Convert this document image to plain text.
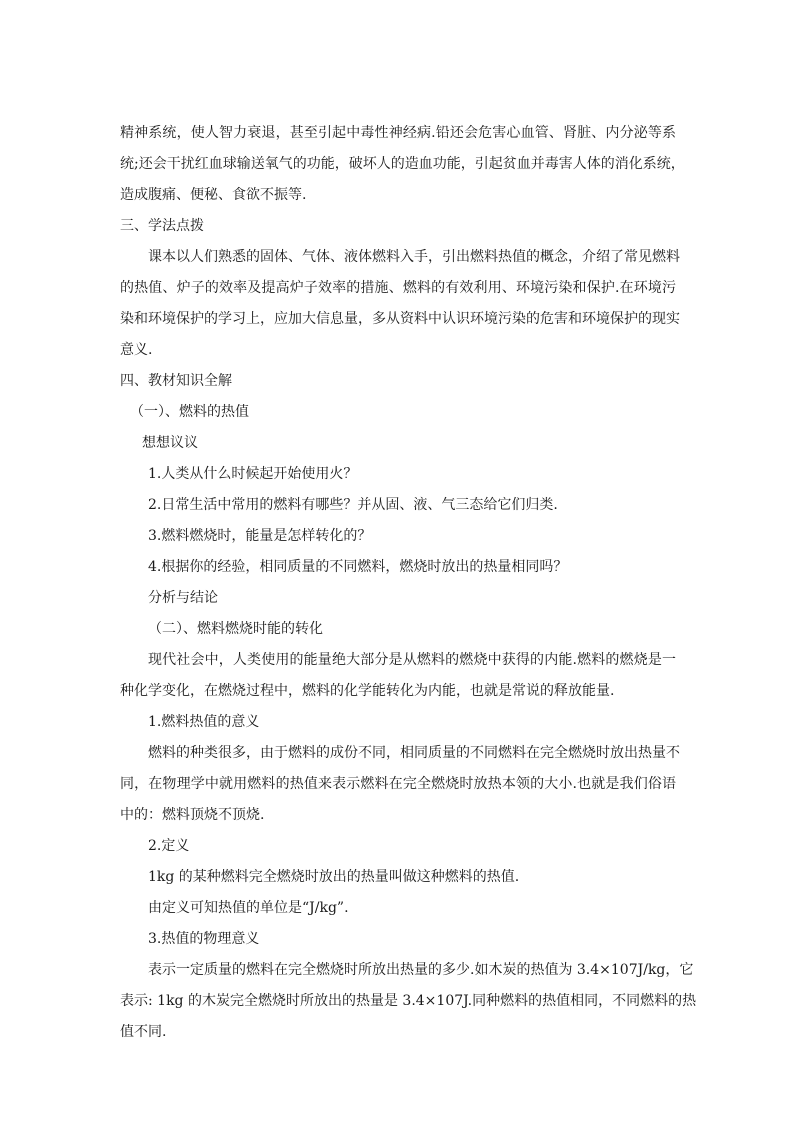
精神系统，使人智力衰退，甚至引起中毒性神经病.铅还会危害心血管、肾脏、内分泌等系
统;还会干扰红血球输送氧气的功能，破坏人的造血功能，引起贫血并毒害人体的消化系统，
造成腹痛、便秘、食欲不振等.
三、学法点拨
课本以人们熟悉的固体、气体、液体燃料入手，引出燃料热值的概念，介绍了常见燃料
的热值、炉子的效率及提高炉子效率的措施、燃料的有效利用、环境污染和保护.在环境污
染和环境保护的学习上，应加大信息量，多从资料中认识环境污染的危害和环境保护的现实
意义.
四、教材知识全解
（一）、燃料的热值
想想议议
1.人类从什么时候起开始使用火？
2.日常生活中常用的燃料有哪些？并从固、液、气三态给它们归类.
3.燃料燃烧时，能量是怎样转化的？
4.根据你的经验，相同质量的不同燃料，燃烧时放出的热量相同吗？
分析与结论
（二）、燃料燃烧时能的转化
现代社会中，人类使用的能量绝大部分是从燃料的燃烧中获得的内能.燃料的燃烧是一
种化学变化，在燃烧过程中，燃料的化学能转化为内能，也就是常说的释放能量.
1.燃料热值的意义
燃料的种类很多，由于燃料的成份不同，相同质量的不同燃料在完全燃烧时放出热量不
同，在物理学中就用燃料的热值来表示燃料在完全燃烧时放热本领的大小.也就是我们俗语
中的：燃料顶烧不顶烧.
2.定义
1kg 的某种燃料完全燃烧时放出的热量叫做这种燃料的热值.
由定义可知热值的单位是“J/kg”.
3.热值的物理意义
表示一定质量的燃料在完全燃烧时所放出热量的多少.如木炭的热值为 3.4×107J/kg，它
表示: 1kg 的木炭完全燃烧时所放出的热量是 3.4×107J.同种燃料的热值相同，不同燃料的热
值不同.
